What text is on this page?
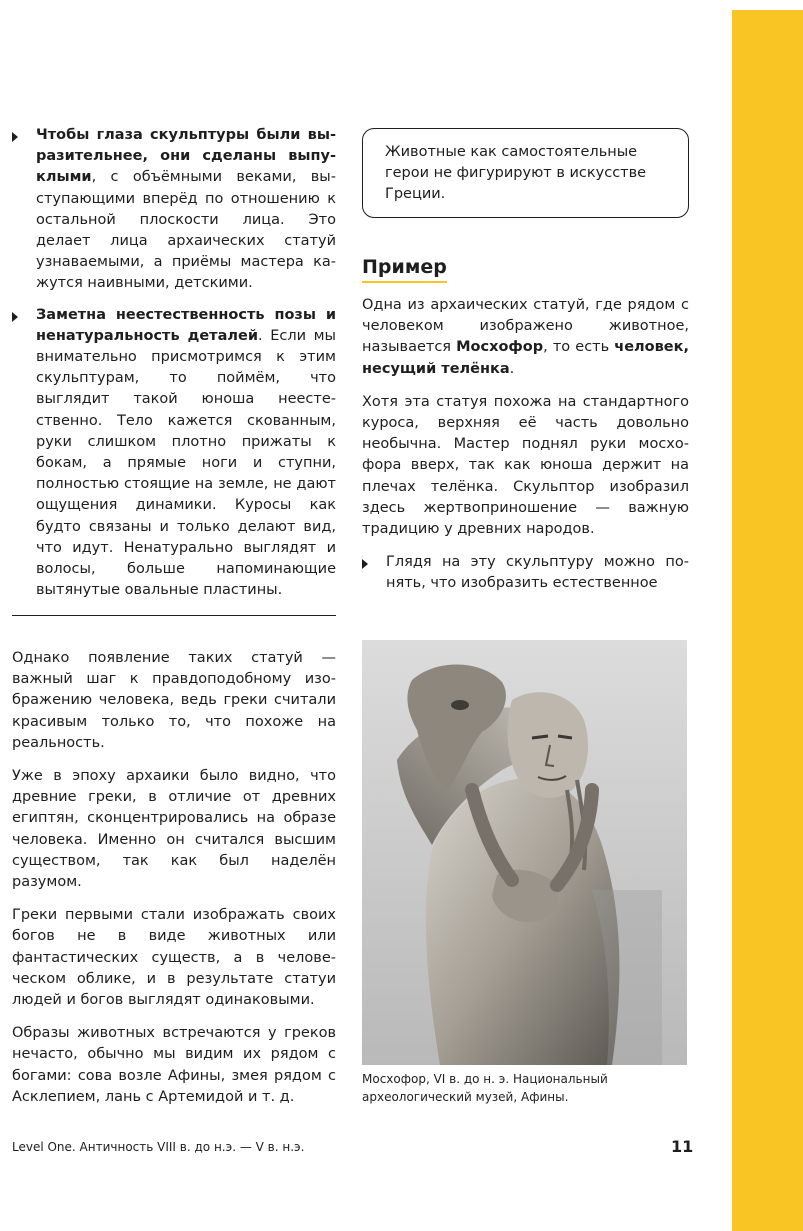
Чтобы глаза скульптуры были выразительнее, они сделаны выпуклыми, с объёмными веками, выступающими вперёд по отношению к остальной плоскости лица. Это делает лица архаических статуй узнаваемыми, а приёмы мастера кажутся наивными, детскими.
Заметна неестественность позы и ненатуральность деталей. Если мы внимательно присмотримся к этим скульптурам, то поймём, что выглядит такой юноша неестественно. Тело кажется скованным, руки слишком плотно прижаты к бокам, а прямые ноги и ступни, полностью стоящие на земле, не дают ощущения динамики. Куросы как будто связаны и только делают вид, что идут. Ненатурально выглядят и волосы, больше напоминающие вытянутые овальные пластины.

Однако появление таких статуй — важный шаг к правдоподобному изображению человека, ведь греки считали красивым только то, что похоже на реальность.

Уже в эпоху архаики было видно, что древние греки, в отличие от древних египтян, сконцентрировались на образе человека. Именно он считался высшим существом, так как был наделён разумом.

Греки первыми стали изображать своих богов не в виде животных или фантастических существ, а в человеческом облике, и в результате статуи людей и богов выглядят одинаковыми.

Образы животных встречаются у греков нечасто, обычно мы видим их рядом с богами: сова возле Афины, змея рядом с Асклепием, лань с Артемидой и т. д.

Животные как самостоятельные герои не фигурируют в искусстве Греции.
Пример

Одна из архаических статуй, где рядом с человеком изображено животное, называется Мосхофор, то есть человек, несущий телёнка.

Хотя эта статуя похожа на стандартного куроса, верхняя её часть довольно необычна. Мастер поднял руки мосхофора вверх, так как юноша держит на плечах телёнка. Скульптор изобразил здесь жертвоприношение — важную традицию у древних народов.

Глядя на эту скульптуру можно понять, что изобразить естественное
Мосхофор, VI в. до н. э. Национальный археологический музей, Афины.
Level One. Античность VIII в. до н.э. — V в. н.э.	11
